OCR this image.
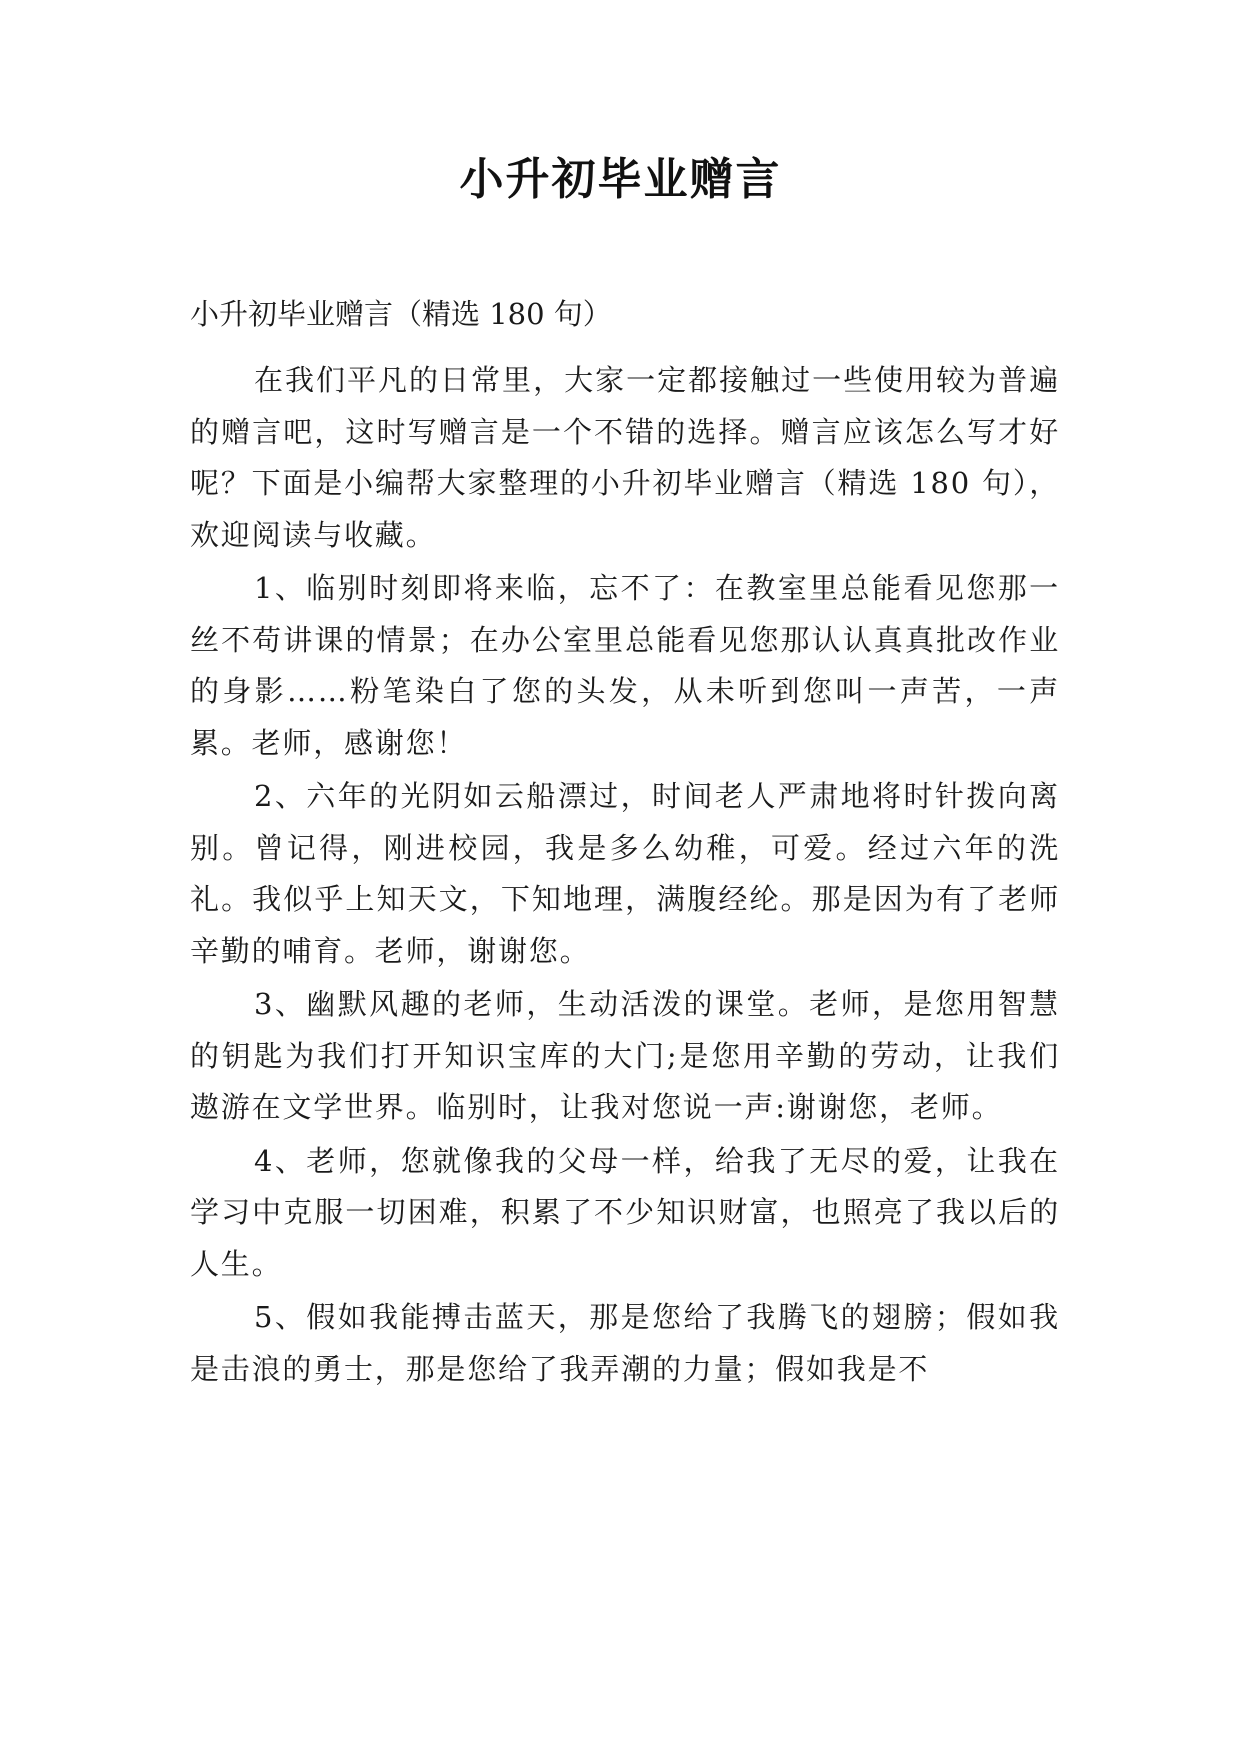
小升初毕业赠言

小升初毕业赠言（精选 180 句）

在我们平凡的日常里，大家一定都接触过一些使用较为普遍的赠言吧，这时写赠言是一个不错的选择。赠言应该怎么写才好呢？下面是小编帮大家整理的小升初毕业赠言（精选 180 句），欢迎阅读与收藏。

1、临别时刻即将来临，忘不了：在教室里总能看见您那一丝不苟讲课的情景；在办公室里总能看见您那认认真真批改作业的身影……粉笔染白了您的头发，从未听到您叫一声苦，一声累。老师，感谢您！

2、六年的光阴如云船漂过，时间老人严肃地将时针拨向离别。曾记得，刚进校园，我是多么幼稚，可爱。经过六年的洗礼。我似乎上知天文，下知地理，满腹经纶。那是因为有了老师辛勤的哺育。老师，谢谢您。

3、幽默风趣的老师，生动活泼的课堂。老师，是您用智慧的钥匙为我们打开知识宝库的大门;是您用辛勤的劳动，让我们遨游在文学世界。临别时，让我对您说一声:谢谢您，老师。

4、老师，您就像我的父母一样，给我了无尽的爱，让我在学习中克服一切困难，积累了不少知识财富，也照亮了我以后的人生。

5、假如我能搏击蓝天，那是您给了我腾飞的翅膀；假如我是击浪的勇士，那是您给了我弄潮的力量；假如我是不
